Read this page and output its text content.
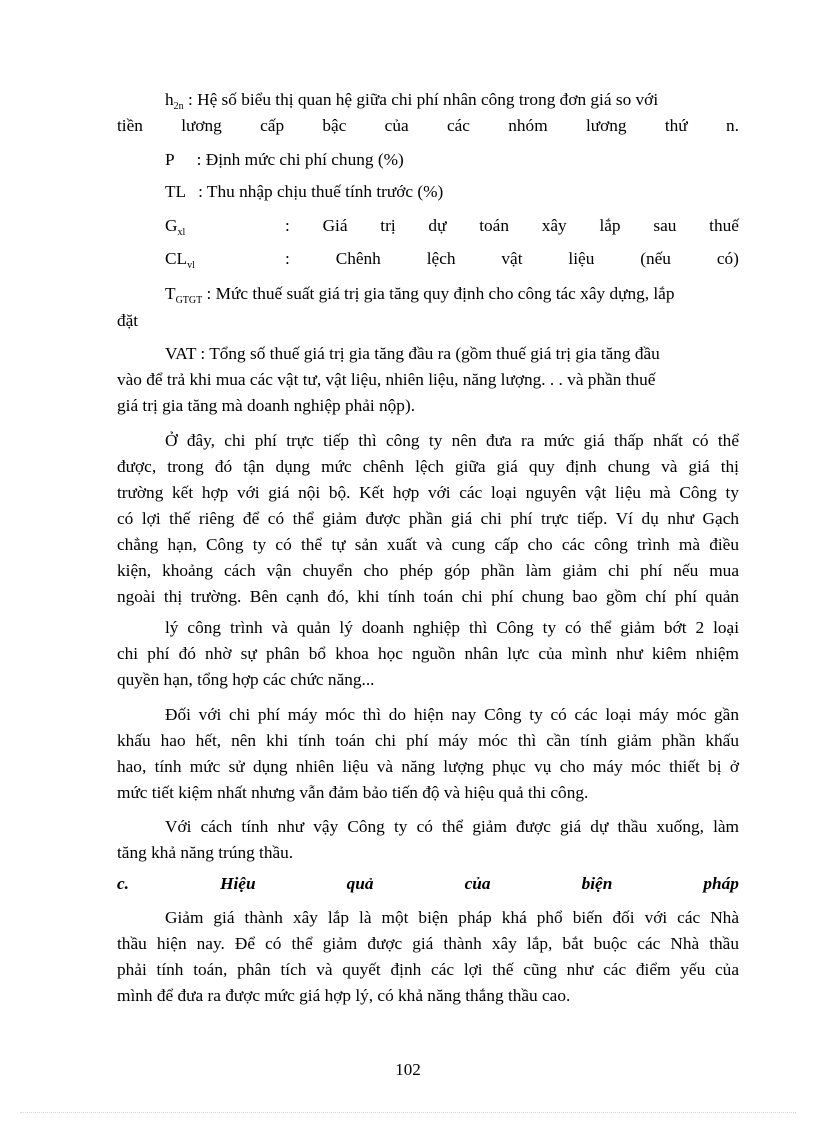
$h_{2n}$ : Hệ số biểu thị quan hệ giữa chi phí nhân công trong đơn giá so với
tiền lương cấp bậc của các nhóm lương thứ n.
P : Định mức chi phí chung (%)
TL : Thu nhập chịu thuế tính trước (%)
$G_{xl}$	: Giá trị dự toán xây lắp sau thuế
$CL_{vl}$	:	Chênh	lệch	vật	liệu	(nếu	có)
$T_{GTGT}$ : Mức thuế suất giá trị gia tăng quy định cho công tác xây dựng, lắp
đặt
VAT : Tổng số thuế giá trị gia tăng đầu ra (gồm thuế giá trị gia tăng đầu
vào để trả khi mua các vật tư, vật liệu, nhiên liệu, năng lượng. . . và phần thuế
giá trị gia tăng mà doanh nghiệp phải nộp).
Ở đây, chi phí trực tiếp thì công ty nên đưa ra mức giá thấp nhất có thể
được, trong đó tận dụng mức chênh lệch giữa giá quy định chung và giá thị
trường kết hợp với giá nội bộ. Kết hợp với các loại nguyên vật liệu mà Công ty
có lợi thế riêng để có thể giảm được phần giá chi phí trực tiếp. Ví dụ như Gạch
chẳng hạn, Công ty có thể tự sản xuất và cung cấp cho các công trình mà điều
kiện, khoảng cách vận chuyển cho phép góp phần làm giảm chi phí nếu mua
ngoài thị trường. Bên cạnh đó, khi tính toán chi phí chung bao gồm chí phí quản
lý công trình và quản lý doanh nghiệp thì Công ty có thể giảm bớt 2 loại
chi phí đó nhờ sự phân bổ khoa học nguồn nhân lực của mình như kiêm nhiệm
quyền hạn, tổng hợp các chức năng...
Đối với chi phí máy móc thì do hiện nay Công ty có các loại máy móc gần
khấu hao hết, nên khi tính toán chi phí máy móc thì cần tính giảm phần khấu
hao, tính mức sử dụng nhiên liệu và năng lượng phục vụ cho máy móc thiết bị ở
mức tiết kiệm nhất nhưng vẫn đảm bảo tiến độ và hiệu quả thi công.
Với cách tính như vậy Công ty có thể giảm được giá dự thầu xuống, làm
tăng khả năng trúng thầu.
c.	Hiệu	quả	của	biện	pháp
Giảm giá thành xây lắp là một biện pháp khá phổ biến đối với các Nhà
thầu hiện nay. Để có thể giảm được giá thành xây lắp, bắt buộc các Nhà thầu
phải tính toán, phân tích và quyết định các lợi thế cũng như các điểm yếu của
mình để đưa ra được mức giá hợp lý, có khả năng thắng thầu cao.
102
